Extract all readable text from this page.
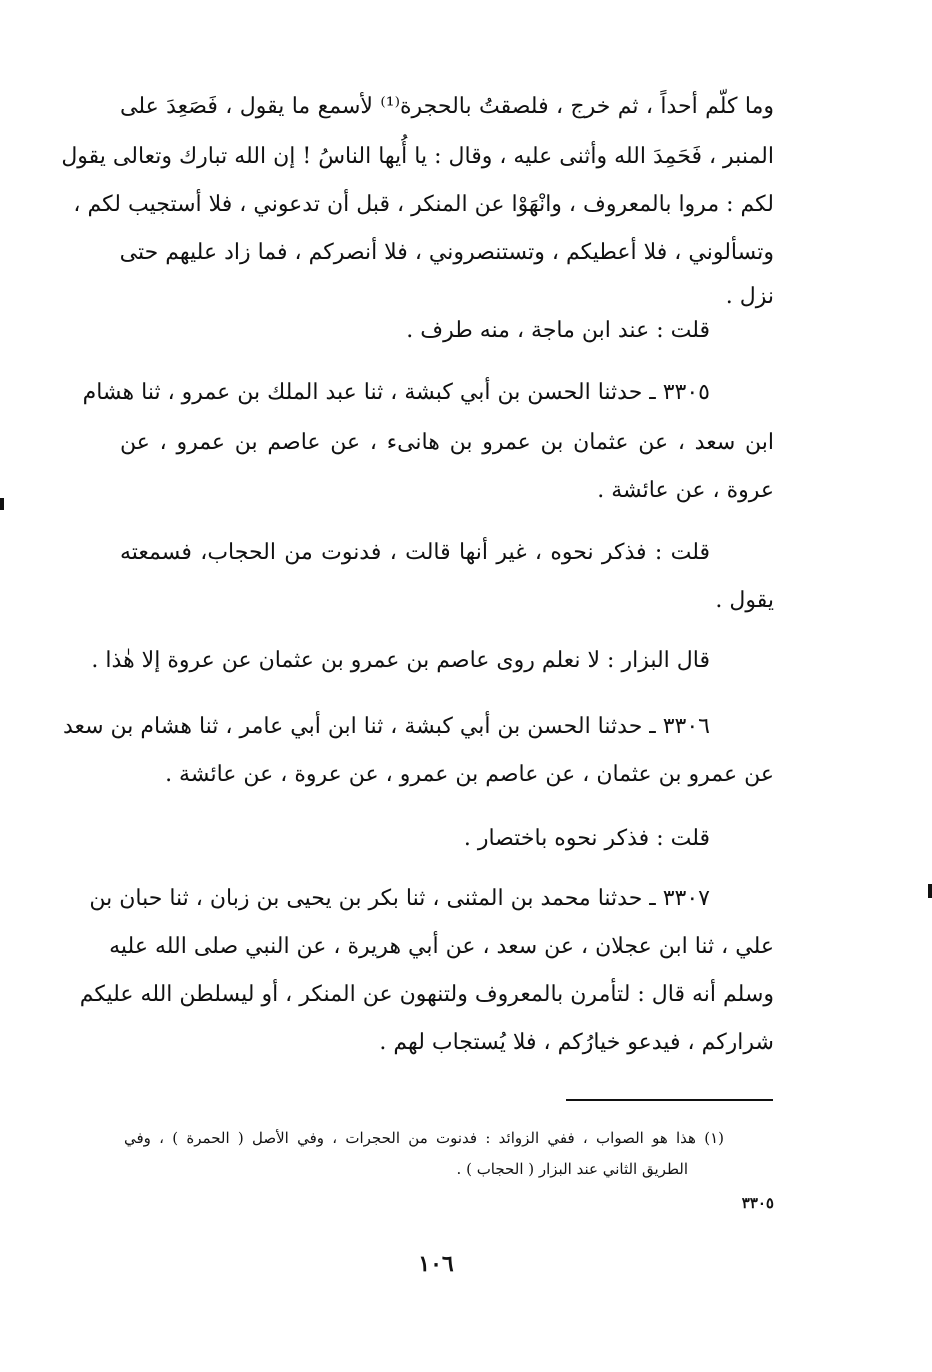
وما كلّم أحداً ، ثم خرج ، فلصقتُ بالحجرة⁽¹⁾ لأسمع ما يقول ، فَصَعِدَ على
المنبر ، فَحَمِدَ الله وأثنى عليه ، وقال : يا أُيها الناسُ ! إن الله تبارك وتعالى يقول
لكم : مروا بالمعروف ، وانْهَوْا عن المنكر ، قبل أن تدعوني ، فلا أستجيب لكم ،
وتسألوني ، فلا أعطيكم ، وتستنصروني ، فلا أنصركم ، فما زاد عليهم حتى
نزل .
قلت : عند ابن ماجة ، منه طرف .
٣٣٠٥ ـ حدثنا الحسن بن أبي كبشة ، ثنا عبد الملك بن عمرو ، ثنا هشام
ابن سعد ، عن عثمان بن عمرو بن هانىء ، عن عاصم بن عمرو ، عن
عروة ، عن عائشة .
قلت : فذكر نحوه ، غير أنها قالت ، فدنوت من الحجاب، فسمعته
يقول .
قال البزار : لا نعلم روى عاصم بن عمرو بن عثمان عن عروة إلا هٰذا .
٣٣٠٦ ـ حدثنا الحسن بن أبي كبشة ، ثنا ابن أبي عامر ، ثنا هشام بن سعد
عن عمرو بن عثمان ، عن عاصم بن عمرو ، عن عروة ، عن عائشة .
قلت : فذكر نحوه باختصار .
٣٣٠٧ ـ حدثنا محمد بن المثنى ، ثنا بكر بن يحيى بن زبان ، ثنا حبان بن
علي ، ثنا ابن عجلان ، عن سعد ، عن أبي هريرة ، عن النبي صلى الله عليه
وسلم أنه قال : لتأمرن بالمعروف ولتنهون عن المنكر ، أو ليسلطن الله عليكم
شراركم ، فيدعو خيارُكم ، فلا يُستجاب لهم .
(١) هذا هو الصواب ، ففي الزوائد : فدنوت من الحجرات ، وفي الأصل ( الحمرة ) ، وفي
الطريق الثاني عند البزار ( الحجاب ) .
٣٣٠٥
١٠٦
